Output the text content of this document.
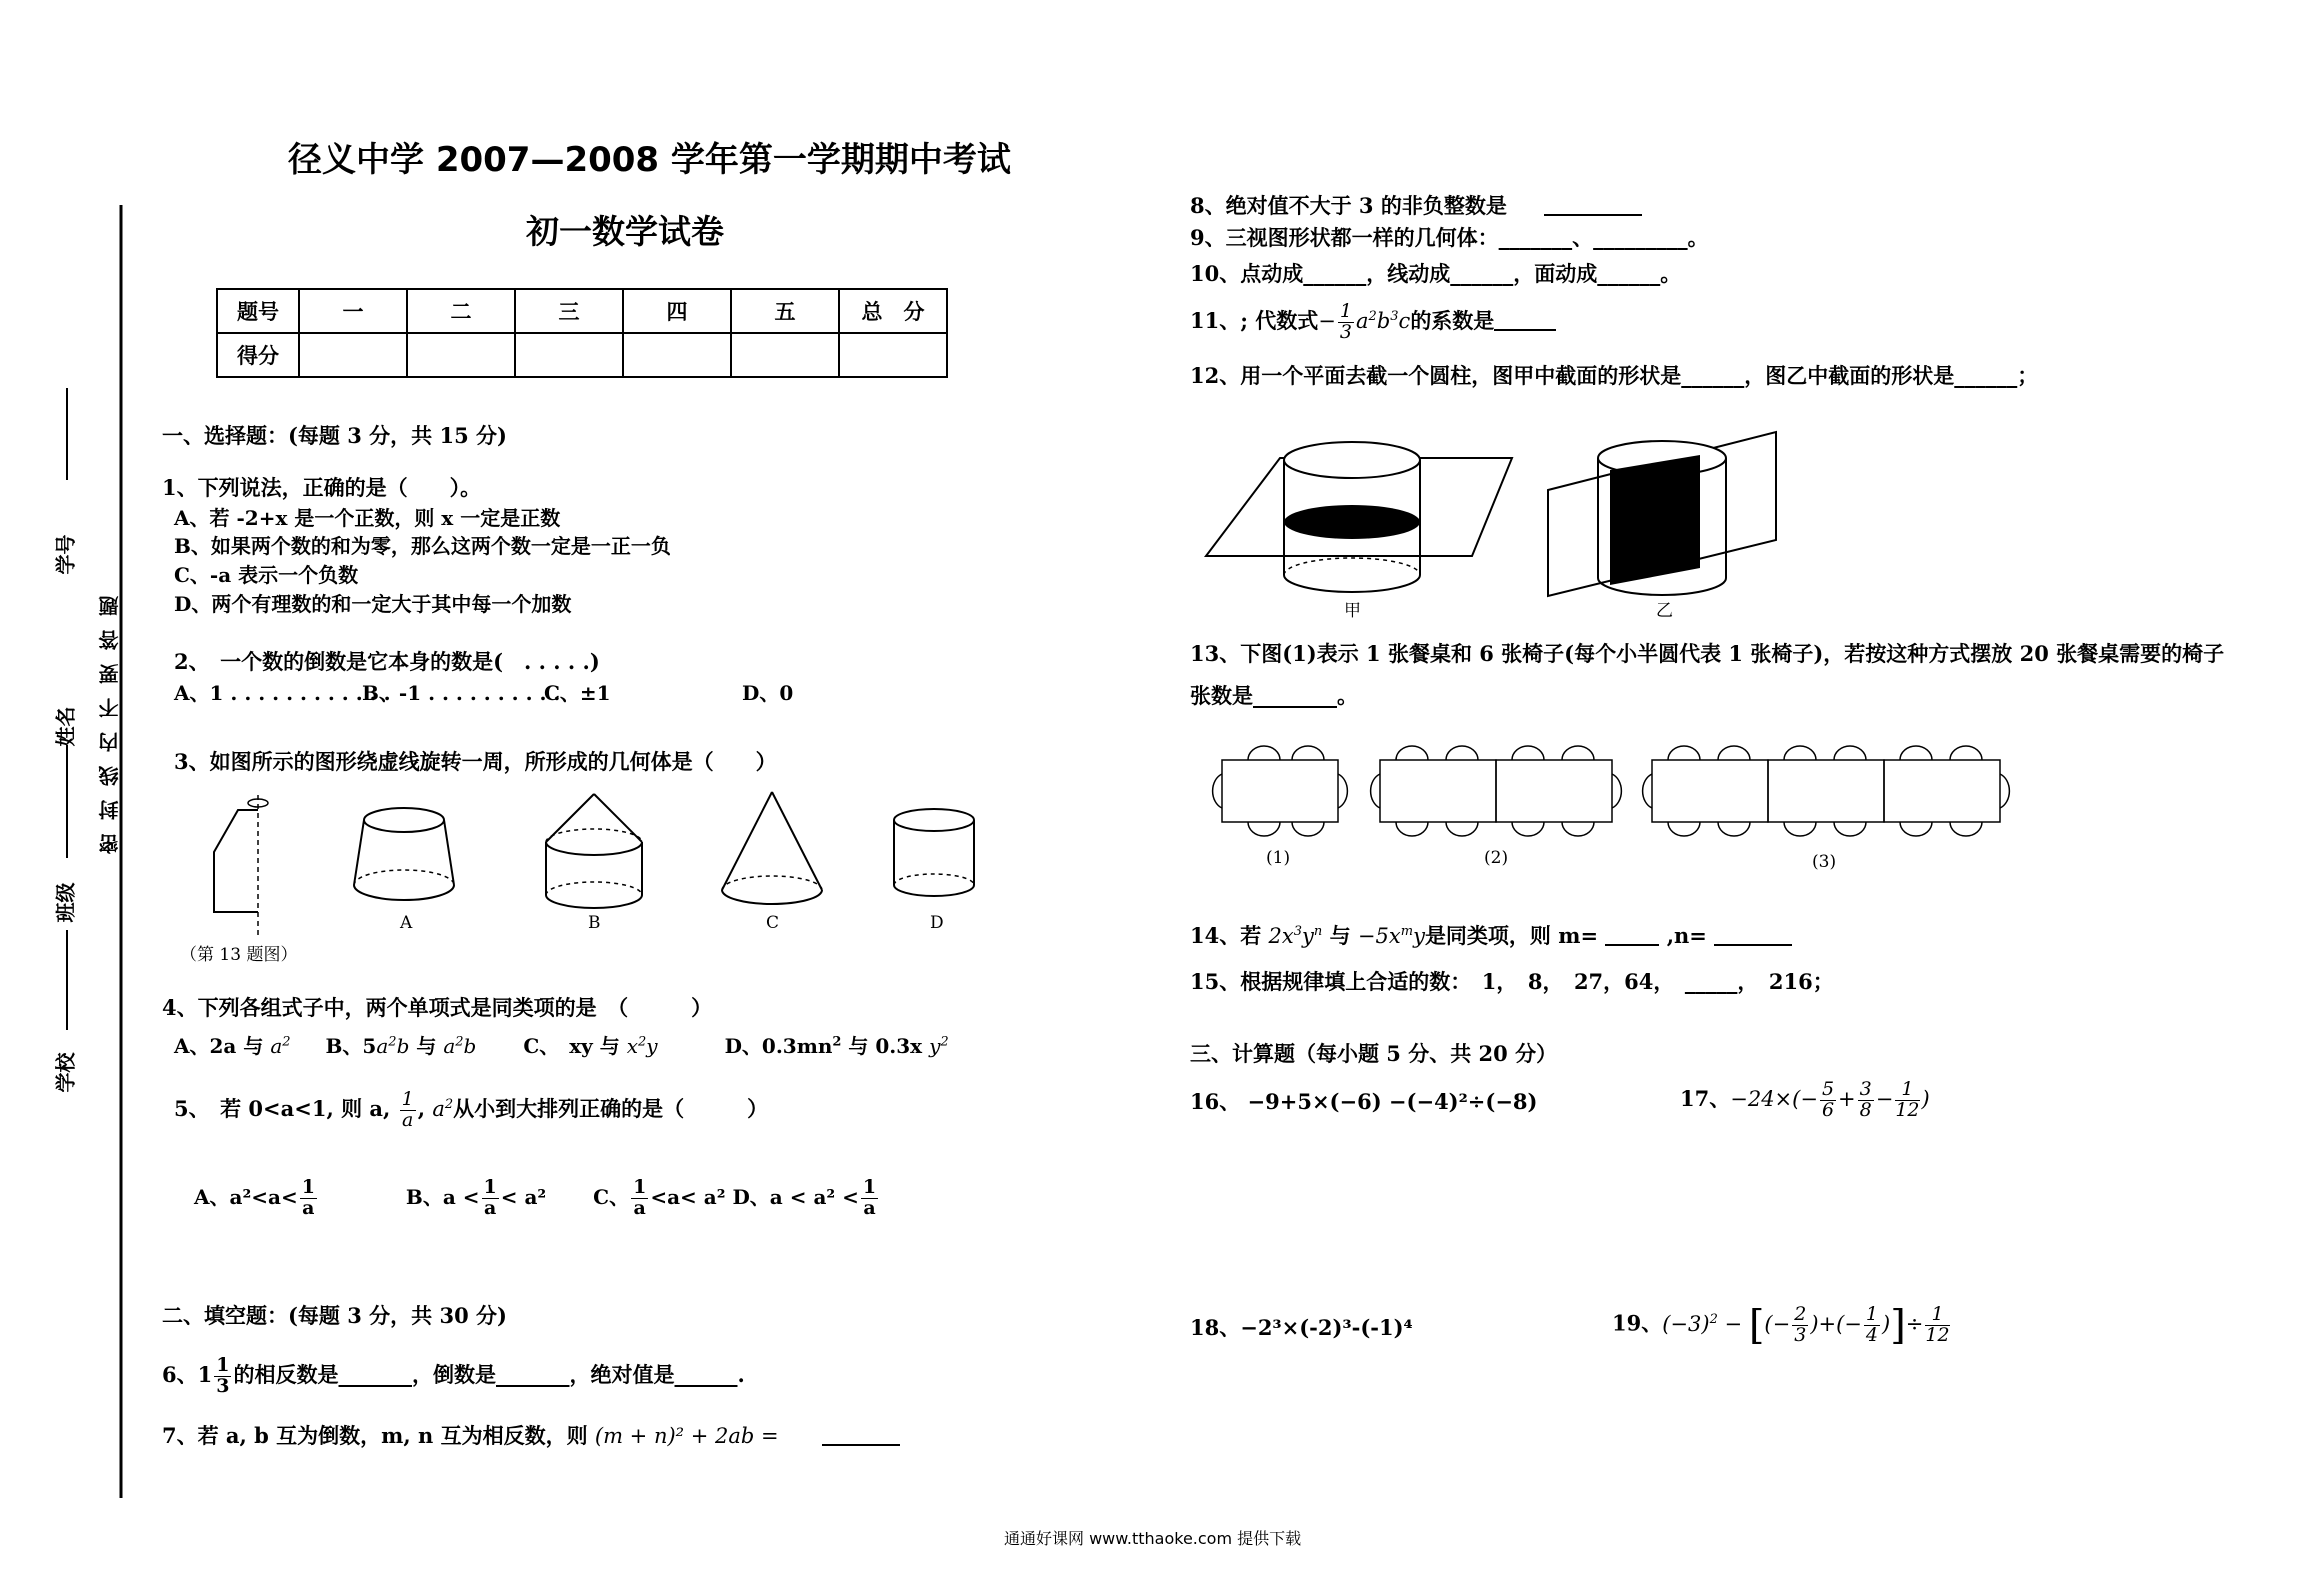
学号
姓名
班级
学校
密封线内不要答题
径义中学 2007—2008 学年第一学期期中考试
初一数学试卷
题号	一	二	三	四	五	总　分
得分						
一、选择题：(每题 3 分，共 15 分)
1、下列说法，正确的是（　　）。
A、若 -2+x 是一个正数，则 x 一定是正数
B、如果两个数的和为零，那么这两个数一定是一正一负
C、-a 表示一个负数
D、两个有理数的和一定大于其中每一个加数
2、　一个数的倒数是它本身的数是(　. . . . .)
A、1 . . . . . . . . . . . .
B、-1 . . . . . . . . . .
C、±1	D、0
3、如图所示的图形绕虚线旋转一周，所形成的几何体是（　　）
（第 13 题图）
A	B	C	D
4、下列各组式子中，两个单项式是同类项的是　（　　　）
A、2a 与 $a^2$ B、$5a^2b$ 与 $a^2b$ C、　xy 与 $x^2y$	D、$0.3mn^2$ 与 0.3x $y^2$
5、　若 0<a<1, 则 a, $\frac{1}{a}$ , $a^2$从小到大排列正确的是（　　　）
A、$a^2<a< \frac{1}{a}$	B、$a < \frac{1}{a} < a^2$ C、 $\frac{1}{a} <a< a^2$ D、$a < a^2 < \frac{1}{a}$
二、填空题：(每题 3 分，共 30 分)
6、$1 \frac{1}{3}$ 的相反数是_______，倒数是_______，绝对值是______.
7、若 a, b 互为倒数，m, n 互为相反数，则 (m + n)² + 2ab =
8、绝对值不大于 3 的非负整数是
9、三视图形状都一样的几何体：_______、_________。
10、点动成______，线动成______，面动成______。
11、; 代数式− $\frac{1}{3} a^2b^3c$的系数是
12、用一个平面去截一个圆柱，图甲中截面的形状是______，图乙中截面的形状是______；
甲	乙
13、下图(1)表示 1 张餐桌和 6 张椅子(每个小半圆代表 1 张椅子)，若按这种方式摆放 20 张餐桌需要的椅子
张数是________。
(1)	(2)	(3)
14、若 $2x^3y^n$ 与 $-5x^my$是同类项，则 m=	,n=
15、根据规律填上合适的数：　1，　8，　27，64，　_____，　216；
三、计算题（每小题 5 分、共 20 分）
16、 −9+5×(−6) −(−4)²÷(−8)	17、$-24\times(- \frac{5}{6} + \frac{3}{8} - \frac{1}{12}$ )
18、−2³×(-2)³-(-1)⁴	19、$(-3)^2$ − [(− $\frac{2}{3}$ )+(− $\frac{1}{4}$ )]÷ $\frac{1}{12}$
通通好课网 www.tthaoke.com 提供下载
